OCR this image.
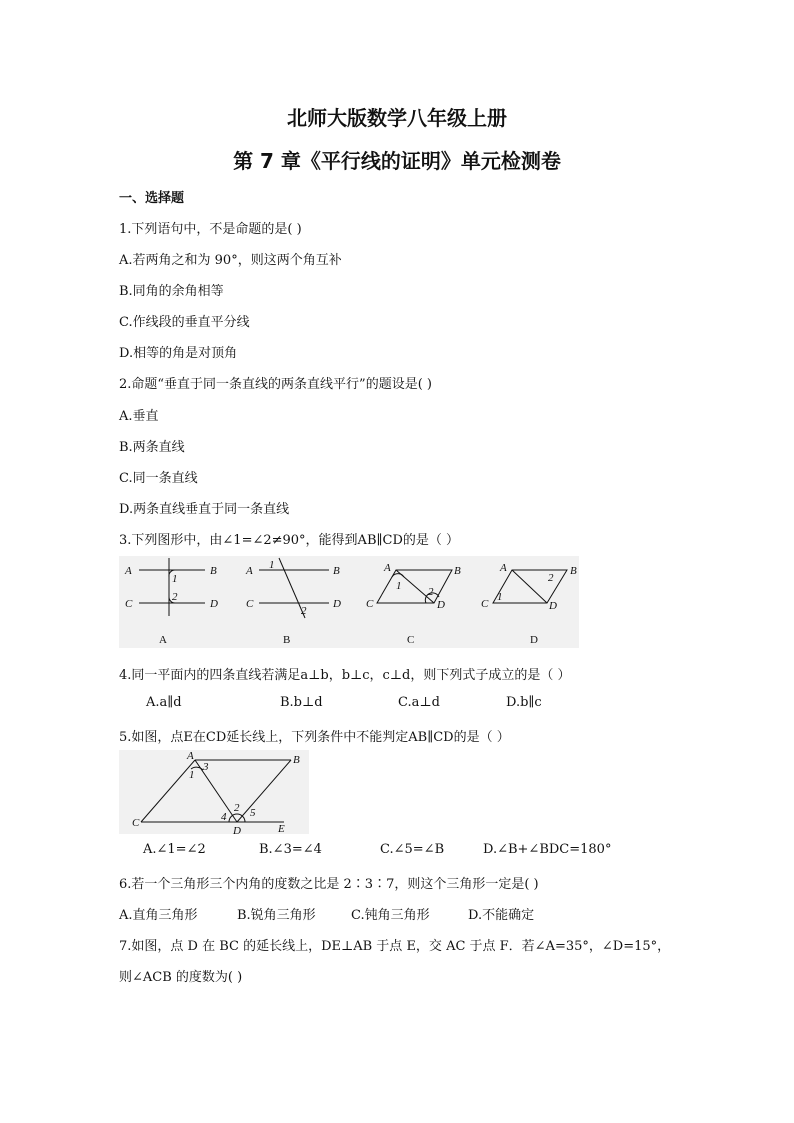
北师大版数学八年级上册
第 7 章《平行线的证明》单元检测卷
一、选择题
1.下列语句中，不是命题的是( )
A.若两角之和为 90°，则这两个角互补
B.同角的余角相等
C.作线段的垂直平分线
D.相等的角是对顶角
2.命题“垂直于同一条直线的两条直线平行”的题设是( )
A.垂直
B.两条直线
C.同一条直线
D.两条直线垂直于同一条直线
3.下列图形中，由∠1=∠2≠90°，能得到AB∥CD的是（ ）
A	B
C	D
1
2
A	B
C	D
1
2
A	B
C	D
1 2
A	B
C	D
1
2
A	B	C	D
4.同一平面内的四条直线若满足a⊥b，b⊥c，c⊥d，则下列式子成立的是（ ）
A.a∥d	B.b⊥d	C.a⊥d	D.b∥c
5.如图，点E在CD延长线上，下列条件中不能判定AB∥CD的是（ ）
A	B
C
D	E
1
2
3
4 5
A.∠1=∠2	B.∠3=∠4	C.∠5=∠B	D.∠B+∠BDC=180°
6.若一个三角形三个内角的度数之比是 2∶3∶7，则这个三角形一定是( )
A.直角三角形	B.锐角三角形	C.钝角三角形	D.不能确定
7.如图，点 D 在 BC 的延长线上，DE⊥AB 于点 E，交 AC 于点 F．若∠A=35°，∠D=15°，
则∠ACB 的度数为( )
